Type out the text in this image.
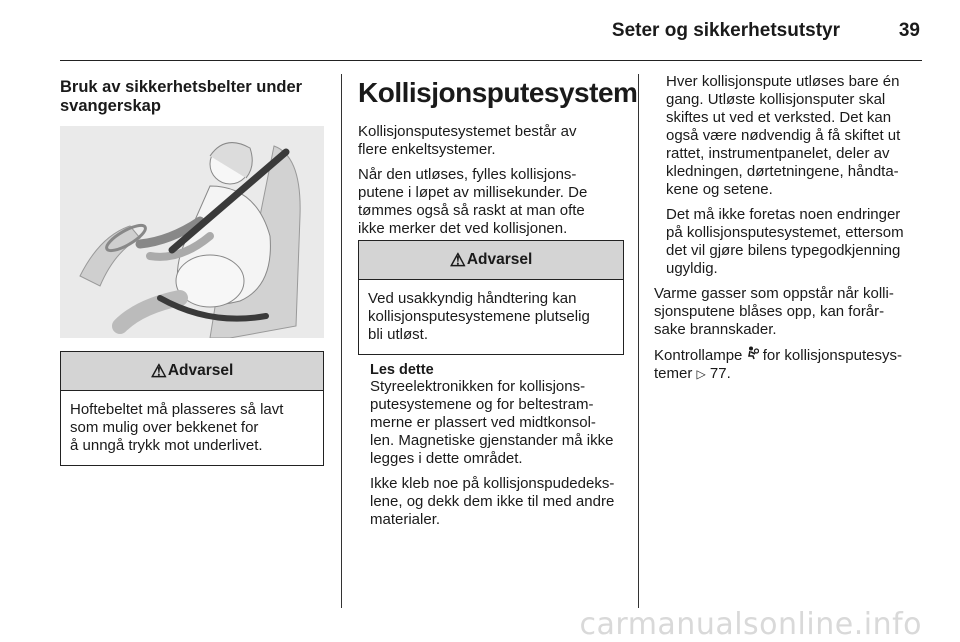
Seter og sikkerhetsutstyr	39
Bruk av sikkerhetsbelter under svangerskap
⚠ Advarsel
Hoftebeltet må plasseres så lavt
som mulig over bekkenet for
å unngå trykk mot underlivet.
Kollisjonsputesystem

Kollisjonsputesystemet består av
flere enkeltsystemer.

Når den utløses, fylles kollisjons-
putene i løpet av millisekunder. De
tømmes også så raskt at man ofte
ikke merker det ved kollisjonen.

⚠ Advarsel
Ved usakkyndig håndtering kan
kollisjonsputesystemene plutselig
bli utløst.
Les dette

Styreelektronikken for kollisjons-
putesystemene og for beltestram-
merne er plassert ved midtkonsol-
len. Magnetiske gjenstander må ikke
legges i dette området.

Ikke kleb noe på kollisjonspudedeks-
lene, og dekk dem ikke til med andre
materialer.

Hver kollisjonspute utløses bare én
gang. Utløste kollisjonsputer skal
skiftes ut ved et verksted. Det kan
også være nødvendig å få skiftet ut
rattet, instrumentpanelet, deler av
kledningen, dørtetningene, håndta-
kene og setene.

Det må ikke foretas noen endringer
på kollisjonsputesystemet, ettersom
det vil gjøre bilens typegodkjenning
ugyldig.

Varme gasser som oppstår når kolli-
sjonsputene blåses opp, kan forår-
sake brannskader.

Kontrollampe for kollisjonsputesys-
temer ▷ 77.

carmanualsonline.info
